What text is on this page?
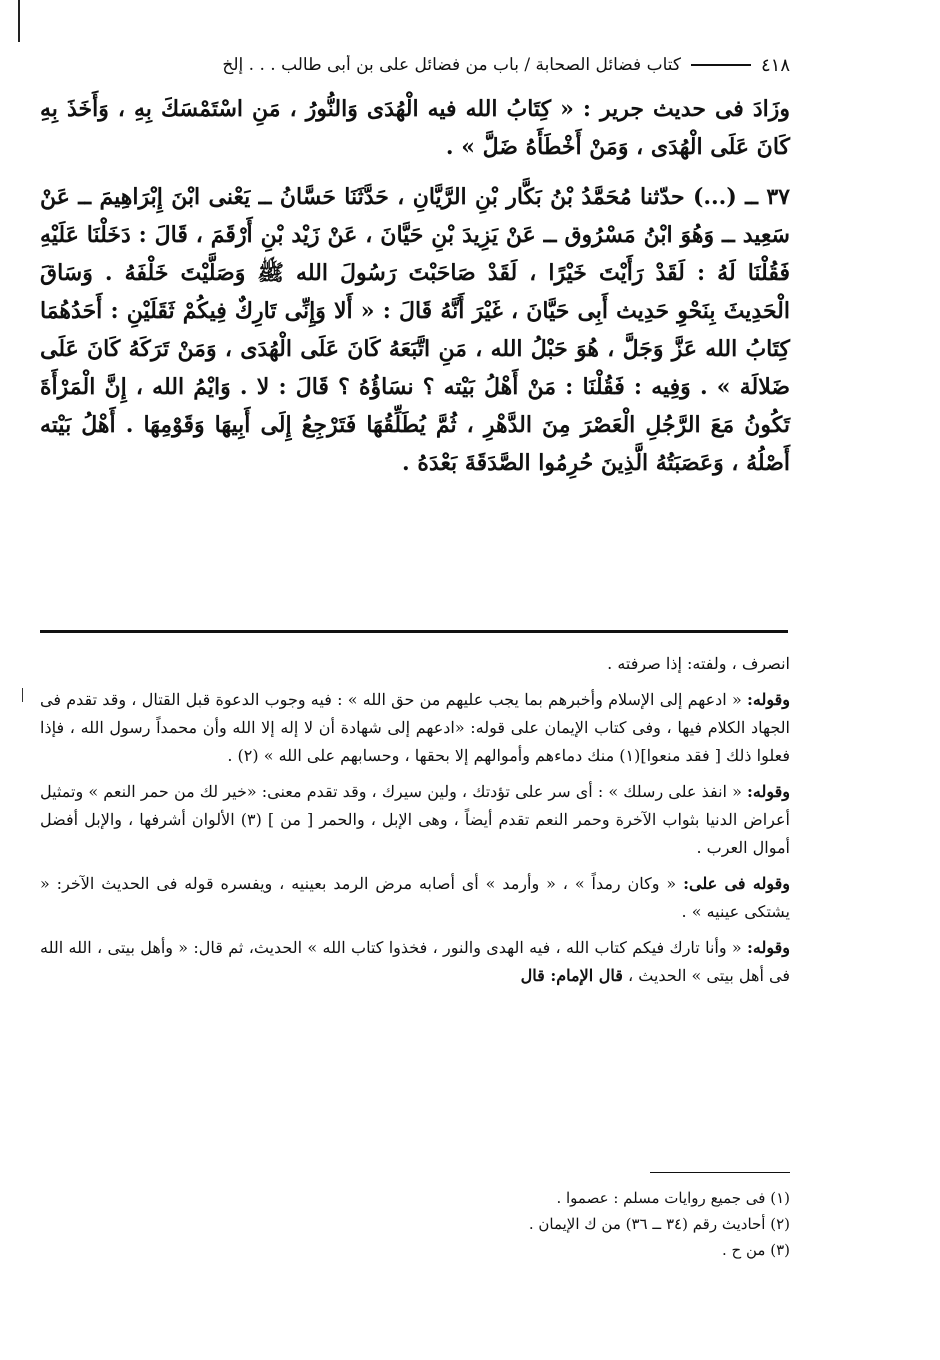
٤١٨
كتاب فضائل الصحابة / باب من فضائل على بن أبى طالب . . . إلخ

وزَادَ فى حديث جرير : « كِتَابُ الله فيه الْهُدَى وَالنُّورُ ، مَنِ اسْتَمْسَكَ بِهِ ، وَأَخَذَ بِهِ كَانَ عَلَى الْهُدَى ، وَمَنْ أَخْطَأَهُ ضَلَّ » .

٣٧ ــ (...) حدّثنا مُحَمَّدُ بْنُ بَكَّار بْنِ الرَّيَّانِ ، حَدَّثَنَا حَسَّانُ ــ يَعْنى ابْنَ إِبْرَاهِيمَ ــ عَنْ سَعِيد ــ وَهُوَ ابْنُ مَسْرُوق ــ عَنْ يَزِيدَ بْنِ حَيَّانَ ، عَنْ زَيْد بْنِ أَرْقَمَ ، قَالَ : دَخَلْنَا عَلَيْهِ فَقُلْنَا لَهُ : لَقَدْ رَأَيْتَ خَيْرًا ، لَقَدْ صَاحَبْتَ رَسُولَ الله ﷺ وَصَلَّيْتَ خَلْفَهُ . وَسَاقَ الْحَدِيثَ بِنَحْوِ حَدِيث أَبِى حَيَّانَ ، غَيْرَ أَنَّهُ قَالَ : « أَلا وَإِنِّى تَارِكٌ فِيكُمْ ثَقَلَيْنِ : أَحَدُهُمَا كِتَابُ الله عَزَّ وَجَلَّ ، هُوَ حَبْلُ الله ، مَنِ اتَّبَعَهُ كَانَ عَلَى الْهُدَى ، وَمَنْ تَرَكَهُ كَانَ عَلَى ضَلالَة » . وَفِيه : فَقُلْنَا : مَنْ أَهْلُ بَيْته ؟ نسَاؤُهُ ؟ قَالَ : لا . وَايْمُ الله ، إِنَّ الْمَرْأَةَ تَكُونُ مَعَ الرَّجُلِ الْعَصْرَ مِنَ الدَّهْرِ ، ثُمَّ يُطَلِّقُهَا فَتَرْجِعُ إِلَى أَبِيهَا وَقَوْمِهَا . أَهْلُ بَيْته أَصْلُهُ ، وَعَصَبَتُهُ الَّذِينَ حُرِمُوا الصَّدَقَةَ بَعْدَهُ .

انصرف ، ولفته: إذا صرفته .

وقوله: « ادعهم إلى الإسلام وأخبرهم بما يجب عليهم من حق الله » : فيه وجوب الدعوة قبل القتال ، وقد تقدم فى الجهاد الكلام فيها ، وفى كتاب الإيمان على قوله: «ادعهم إلى شهادة أن لا إله إلا الله وأن محمداً رسول الله ، فإذا فعلوا ذلك [ فقد منعوا](١) منك دماءهم وأموالهم إلا بحقها ، وحسابهم على الله » (٢) .

وقوله: « انفذ على رسلك » : أى سر على تؤدتك ، ولين سيرك ، وقد تقدم معنى: «خير لك من حمر النعم » وتمثيل أعراض الدنيا بثواب الآخرة وحمر النعم تقدم أيضاً ، وهى الإبل ، والحمر [ من ] (٣) الألوان أشرفها ، والإبل أفضل أموال العرب .

وقوله فى على: « وكان رمداً » ، « وأرمد » أى أصابه مرض الرمد بعينيه ، ويفسره قوله فى الحديث الآخر: « يشتكى عينيه » .

وقوله: « وأنا تارك فيكم كتاب الله ، فيه الهدى والنور ، فخذوا كتاب الله » الحديث، ثم قال: « وأهل بيتى ، الله الله فى أهل بيتى » الحديث ، قال الإمام: قال

(١) فى جميع روايات مسلم : عصموا .
(٢) أحاديث رقم (٣٤ ــ ٣٦) من ك الإيمان .
(٣) من ح .
